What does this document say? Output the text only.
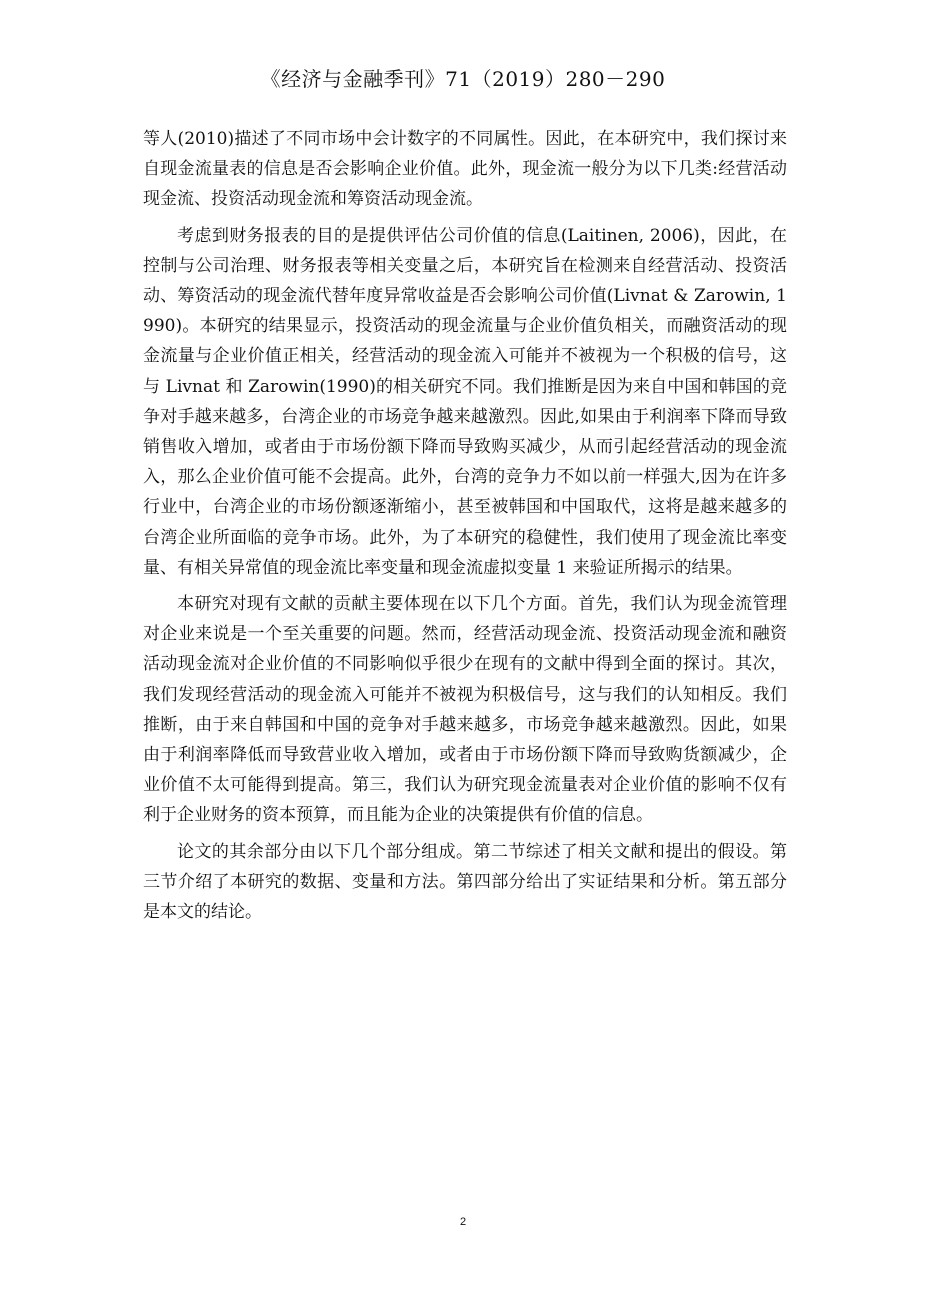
《经济与金融季刊》71（2019）280－290

等人(2010)描述了不同市场中会计数字的不同属性。因此，在本研究中，我们探讨来自现金流量表的信息是否会影响企业价值。此外，现金流一般分为以下几类:经营活动现金流、投资活动现金流和筹资活动现金流。

考虑到财务报表的目的是提供评估公司价值的信息(Laitinen, 2006)，因此，在控制与公司治理、财务报表等相关变量之后，本研究旨在检测来自经营活动、投资活动、筹资活动的现金流代替年度异常收益是否会影响公司价值(Livnat & Zarowin, 1990)。本研究的结果显示，投资活动的现金流量与企业价值负相关，而融资活动的现金流量与企业价值正相关，经营活动的现金流入可能并不被视为一个积极的信号，这与 Livnat 和 Zarowin(1990)的相关研究不同。我们推断是因为来自中国和韩国的竞争对手越来越多，台湾企业的市场竞争越来越激烈。因此,如果由于利润率下降而导致销售收入增加，或者由于市场份额下降而导致购买减少，从而引起经营活动的现金流入，那么企业价值可能不会提高。此外，台湾的竞争力不如以前一样强大,因为在许多行业中，台湾企业的市场份额逐渐缩小，甚至被韩国和中国取代，这将是越来越多的台湾企业所面临的竞争市场。此外，为了本研究的稳健性，我们使用了现金流比率变量、有相关异常值的现金流比率变量和现金流虚拟变量 1 来验证所揭示的结果。

本研究对现有文献的贡献主要体现在以下几个方面。首先，我们认为现金流管理对企业来说是一个至关重要的问题。然而，经营活动现金流、投资活动现金流和融资活动现金流对企业价值的不同影响似乎很少在现有的文献中得到全面的探讨。其次，我们发现经营活动的现金流入可能并不被视为积极信号，这与我们的认知相反。我们推断，由于来自韩国和中国的竞争对手越来越多，市场竞争越来越激烈。因此，如果由于利润率降低而导致营业收入增加，或者由于市场份额下降而导致购货额减少，企业价值不太可能得到提高。第三，我们认为研究现金流量表对企业价值的影响不仅有利于企业财务的资本预算，而且能为企业的决策提供有价值的信息。

论文的其余部分由以下几个部分组成。第二节综述了相关文献和提出的假设。第三节介绍了本研究的数据、变量和方法。第四部分给出了实证结果和分析。第五部分是本文的结论。

2
